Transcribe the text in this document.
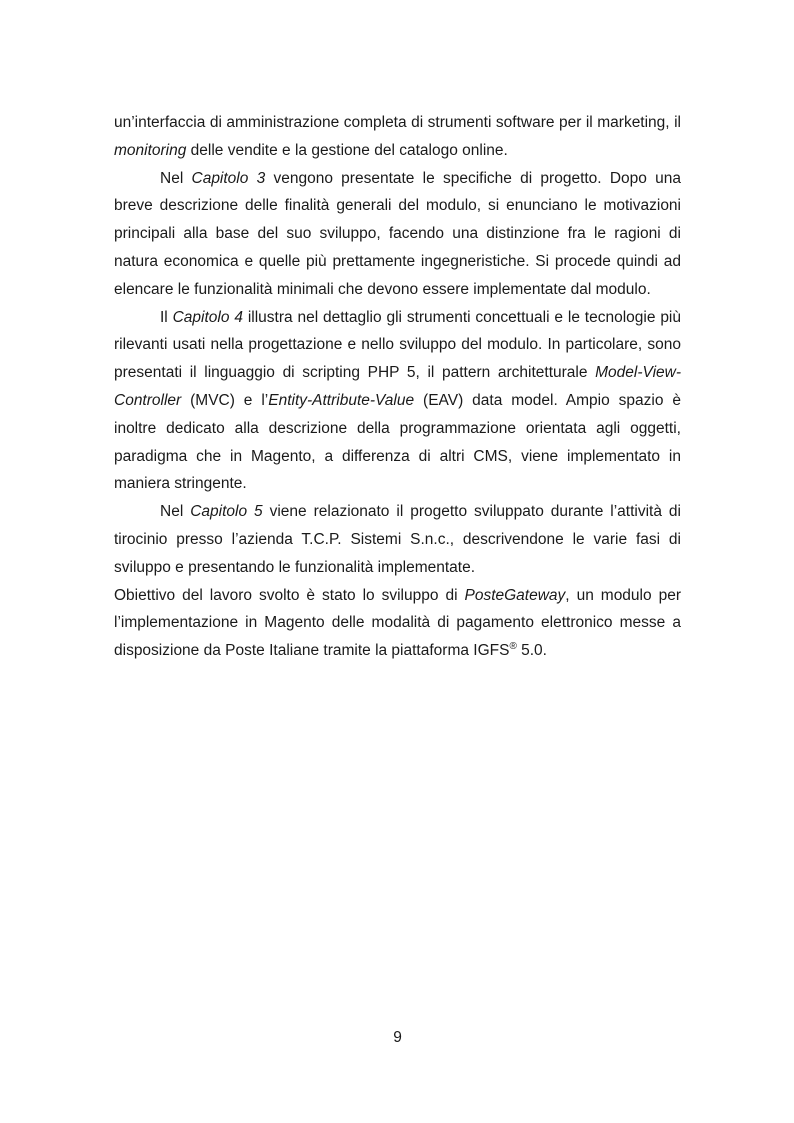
un’interfaccia di amministrazione completa di strumenti software per il marketing, il monitoring delle vendite e la gestione del catalogo online.

Nel Capitolo 3 vengono presentate le specifiche di progetto. Dopo una breve descrizione delle finalità generali del modulo, si enunciano le motivazioni principali alla base del suo sviluppo, facendo una distinzione fra le ragioni di natura economica e quelle più prettamente ingegneristiche. Si procede quindi ad elencare le funzionalità minimali che devono essere implementate dal modulo.

Il Capitolo 4 illustra nel dettaglio gli strumenti concettuali e le tecnologie più rilevanti usati nella progettazione e nello sviluppo del modulo. In particolare, sono presentati il linguaggio di scripting PHP 5, il pattern architetturale Model-View-Controller (MVC) e l’Entity-Attribute-Value (EAV) data model. Ampio spazio è inoltre dedicato alla descrizione della programmazione orientata agli oggetti, paradigma che in Magento, a differenza di altri CMS, viene implementato in maniera stringente.

Nel Capitolo 5 viene relazionato il progetto sviluppato durante l’attività di tirocinio presso l’azienda T.C.P. Sistemi S.n.c., descrivendone le varie fasi di sviluppo e presentando le funzionalità implementate.

Obiettivo del lavoro svolto è stato lo sviluppo di PosteGateway, un modulo per l’implementazione in Magento delle modalità di pagamento elettronico messe a disposizione da Poste Italiane tramite la piattaforma IGFS® 5.0.

9
